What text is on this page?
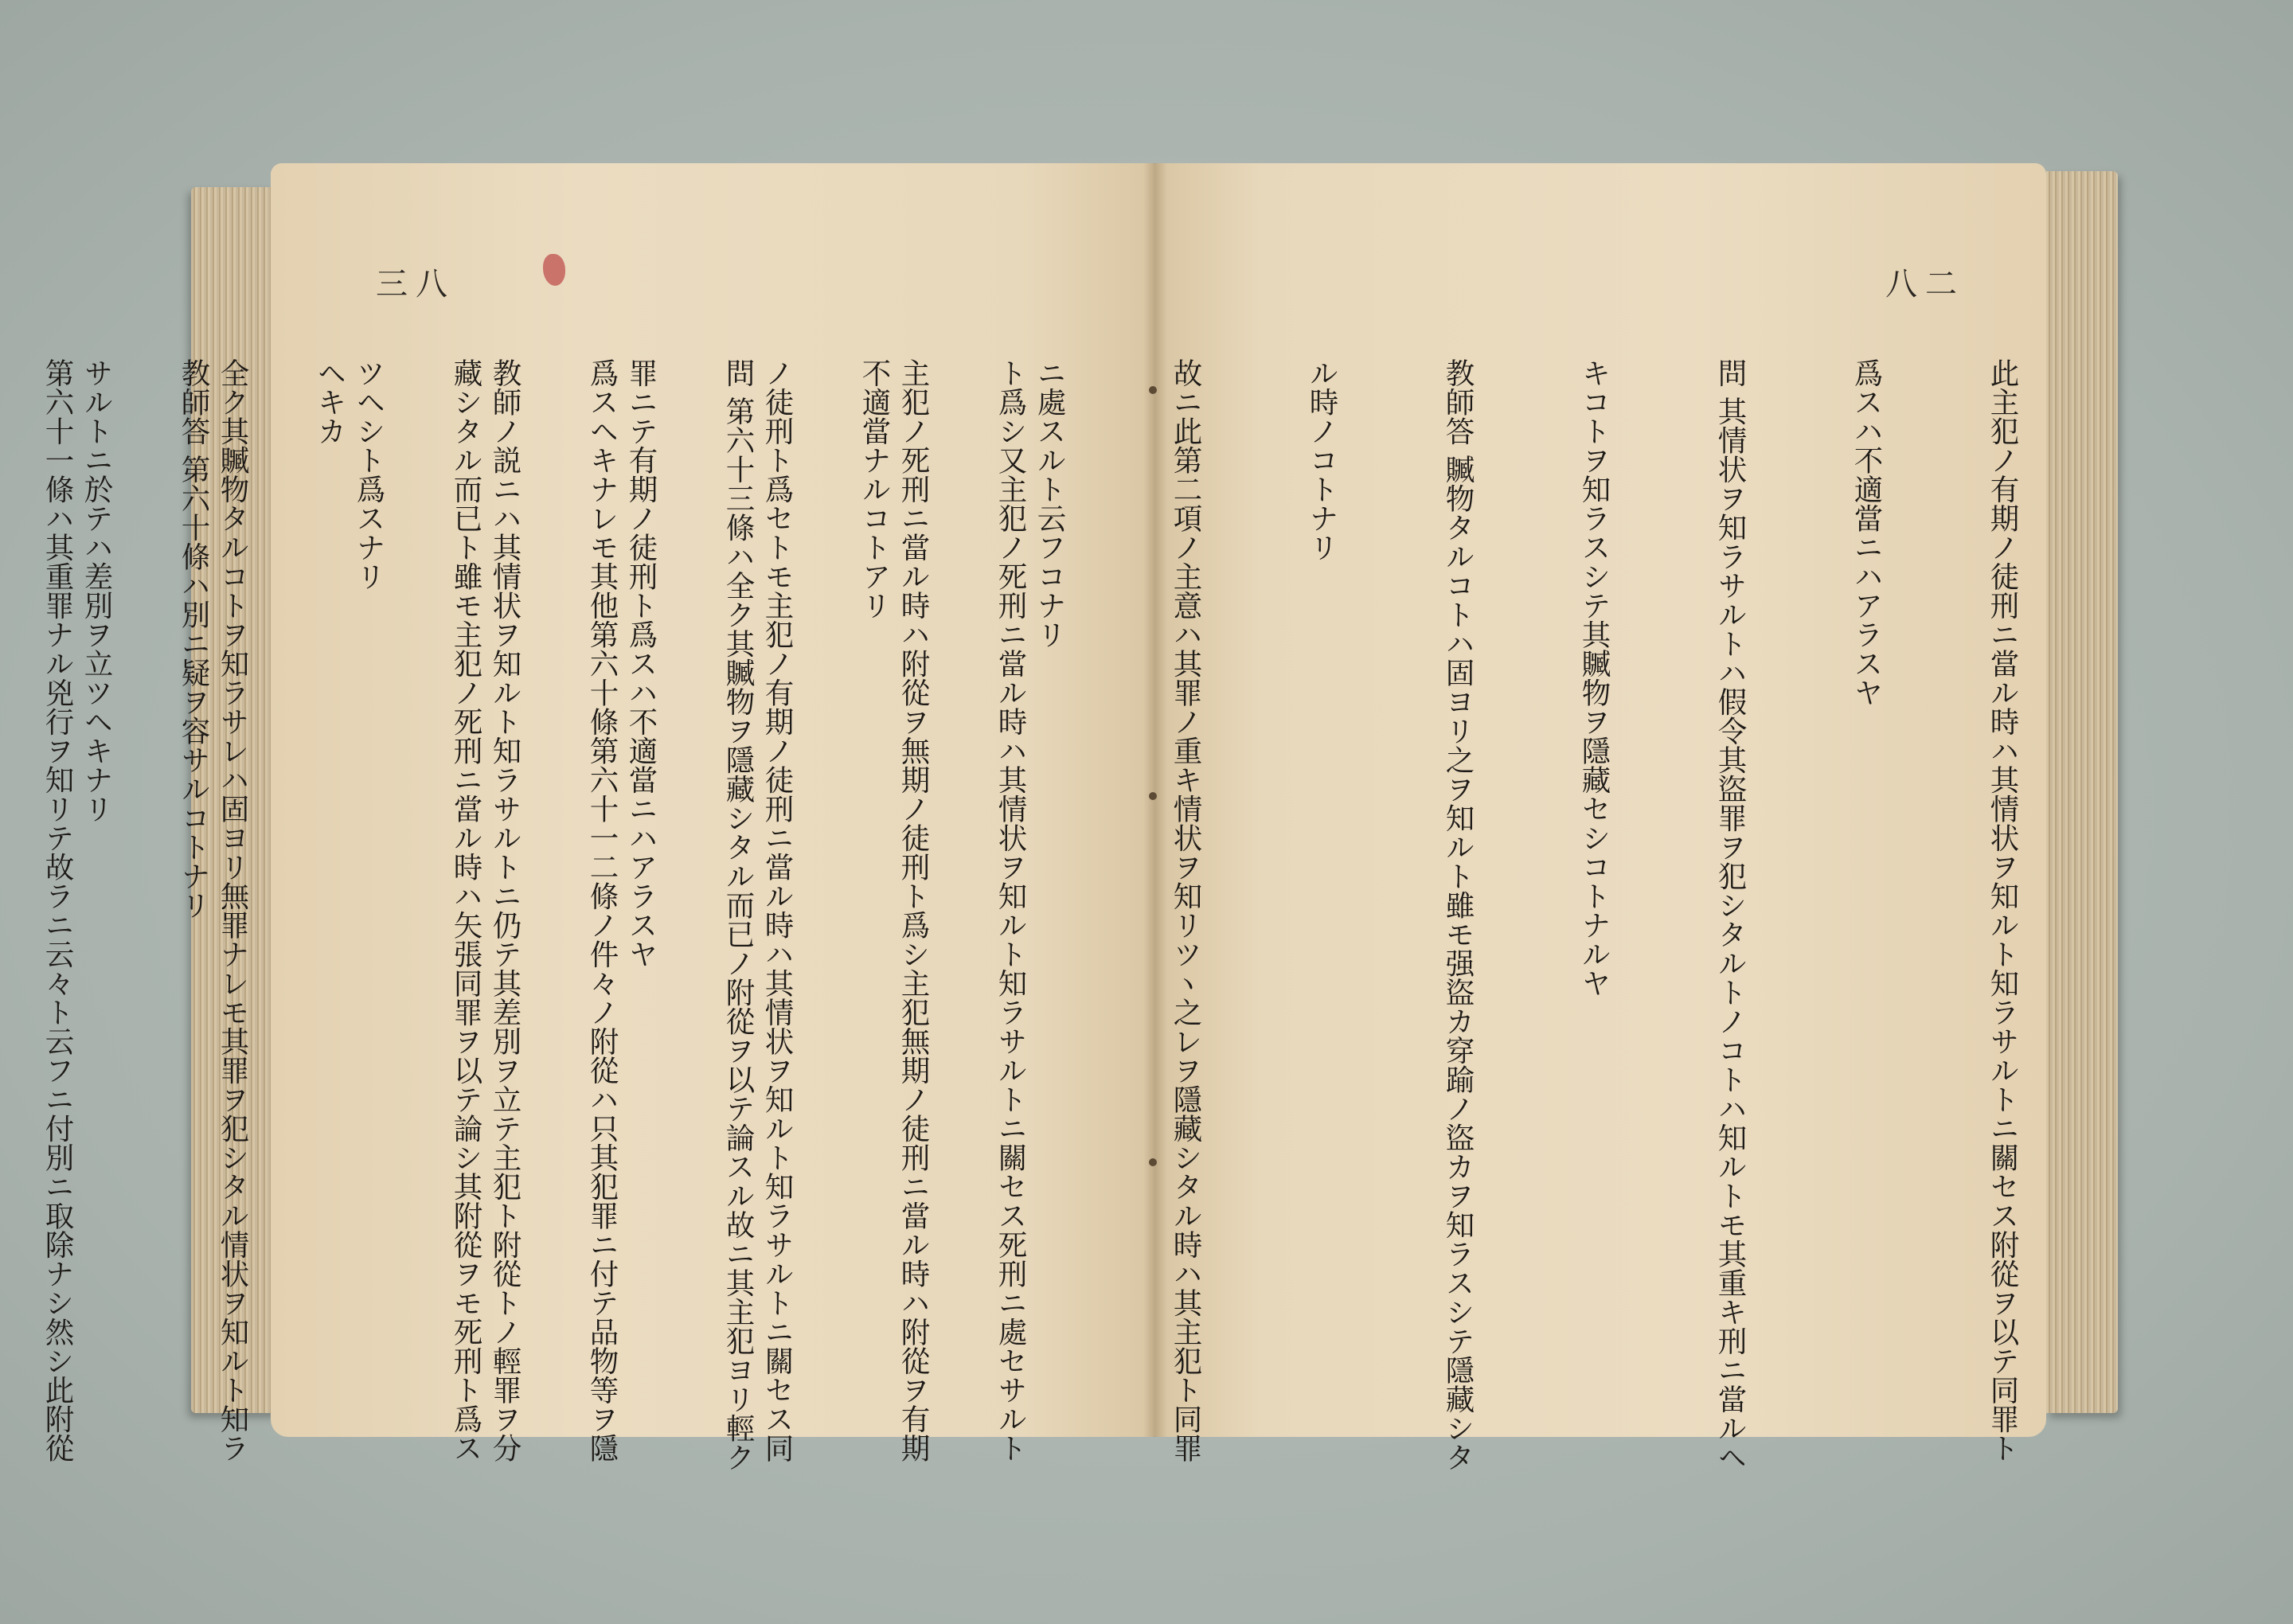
三八	八二

此主犯ノ有期ノ徒刑ニ當ル時ハ其情状ヲ知ルト知ラサルトニ關セス附從ヲ以テ同罪ト

爲スハ不適當ニハアラスヤ

問 其情状ヲ知ラサルトハ假令其盜罪ヲ犯シタルトノコトハ知ルトモ其重キ刑ニ當ルヘ

キコトヲ知ラスシテ其贓物ヲ隱藏セシコトナルヤ

教師答 贓物タルコトハ固ヨリ之ヲ知ルト雖モ强盜カ穿踰ノ盜カヲ知ラスシテ隱藏シタ

ル時ノコトナリ

故ニ此第二項ノ主意ハ其罪ノ重キ情状ヲ知リツヽ之レヲ隱藏シタル時ハ其主犯ト同罪

ニ處スルト云フコナリ

主犯ノ死刑ニ當ル時ハ附從ヲ無期ノ徒刑ト爲シ主犯無期ノ徒刑ニ當ル時ハ附從ヲ有期

ノ徒刑ト爲セトモ主犯ノ有期ノ徒刑ニ當ル時ハ其情状ヲ知ルト知ラサルトニ關セス同

罪ニテ有期ノ徒刑ト爲スハ不適當ニハアラスヤ

教師ノ説ニハ其情状ヲ知ルト知ラサルトニ仍テ其差別ヲ立テ主犯ト附從トノ輕罪ヲ分

ツヘシト爲スナリ

全ク其贓物タルコトヲ知ラサレハ固ヨリ無罪ナレモ其罪ヲ犯シタル情状ヲ知ルト知ラ

サルトニ於テハ差別ヲ立ツヘキナリ

	ト爲シ又主犯ノ死刑ニ當ル時ハ其情状ヲ知ルト知ラサルトニ關セス死刑ニ處セサルト

不適當ナルコトアリ

問 第六十三條ハ全ク其贓物ヲ隱藏シタル而已ノ附從ヲ以テ論スル故ニ其主犯ヨリ輕ク

爲スヘキナレモ其他第六十條第六十一二條ノ件々ノ附從ハ只其犯罪ニ付テ品物等ヲ隱

藏シタル而已ト雖モ主犯ノ死刑ニ當ル時ハ矢張同罪ヲ以テ論シ其附從ヲモ死刑ト爲ス

ヘキカ

教師答 第六十條ハ別ニ疑ヲ容サルコトナリ

第六十一條ハ其重罪ナル兇行ヲ知リテ故ラニ云々ト云フニ付別ニ取除ナシ然シ此附從
